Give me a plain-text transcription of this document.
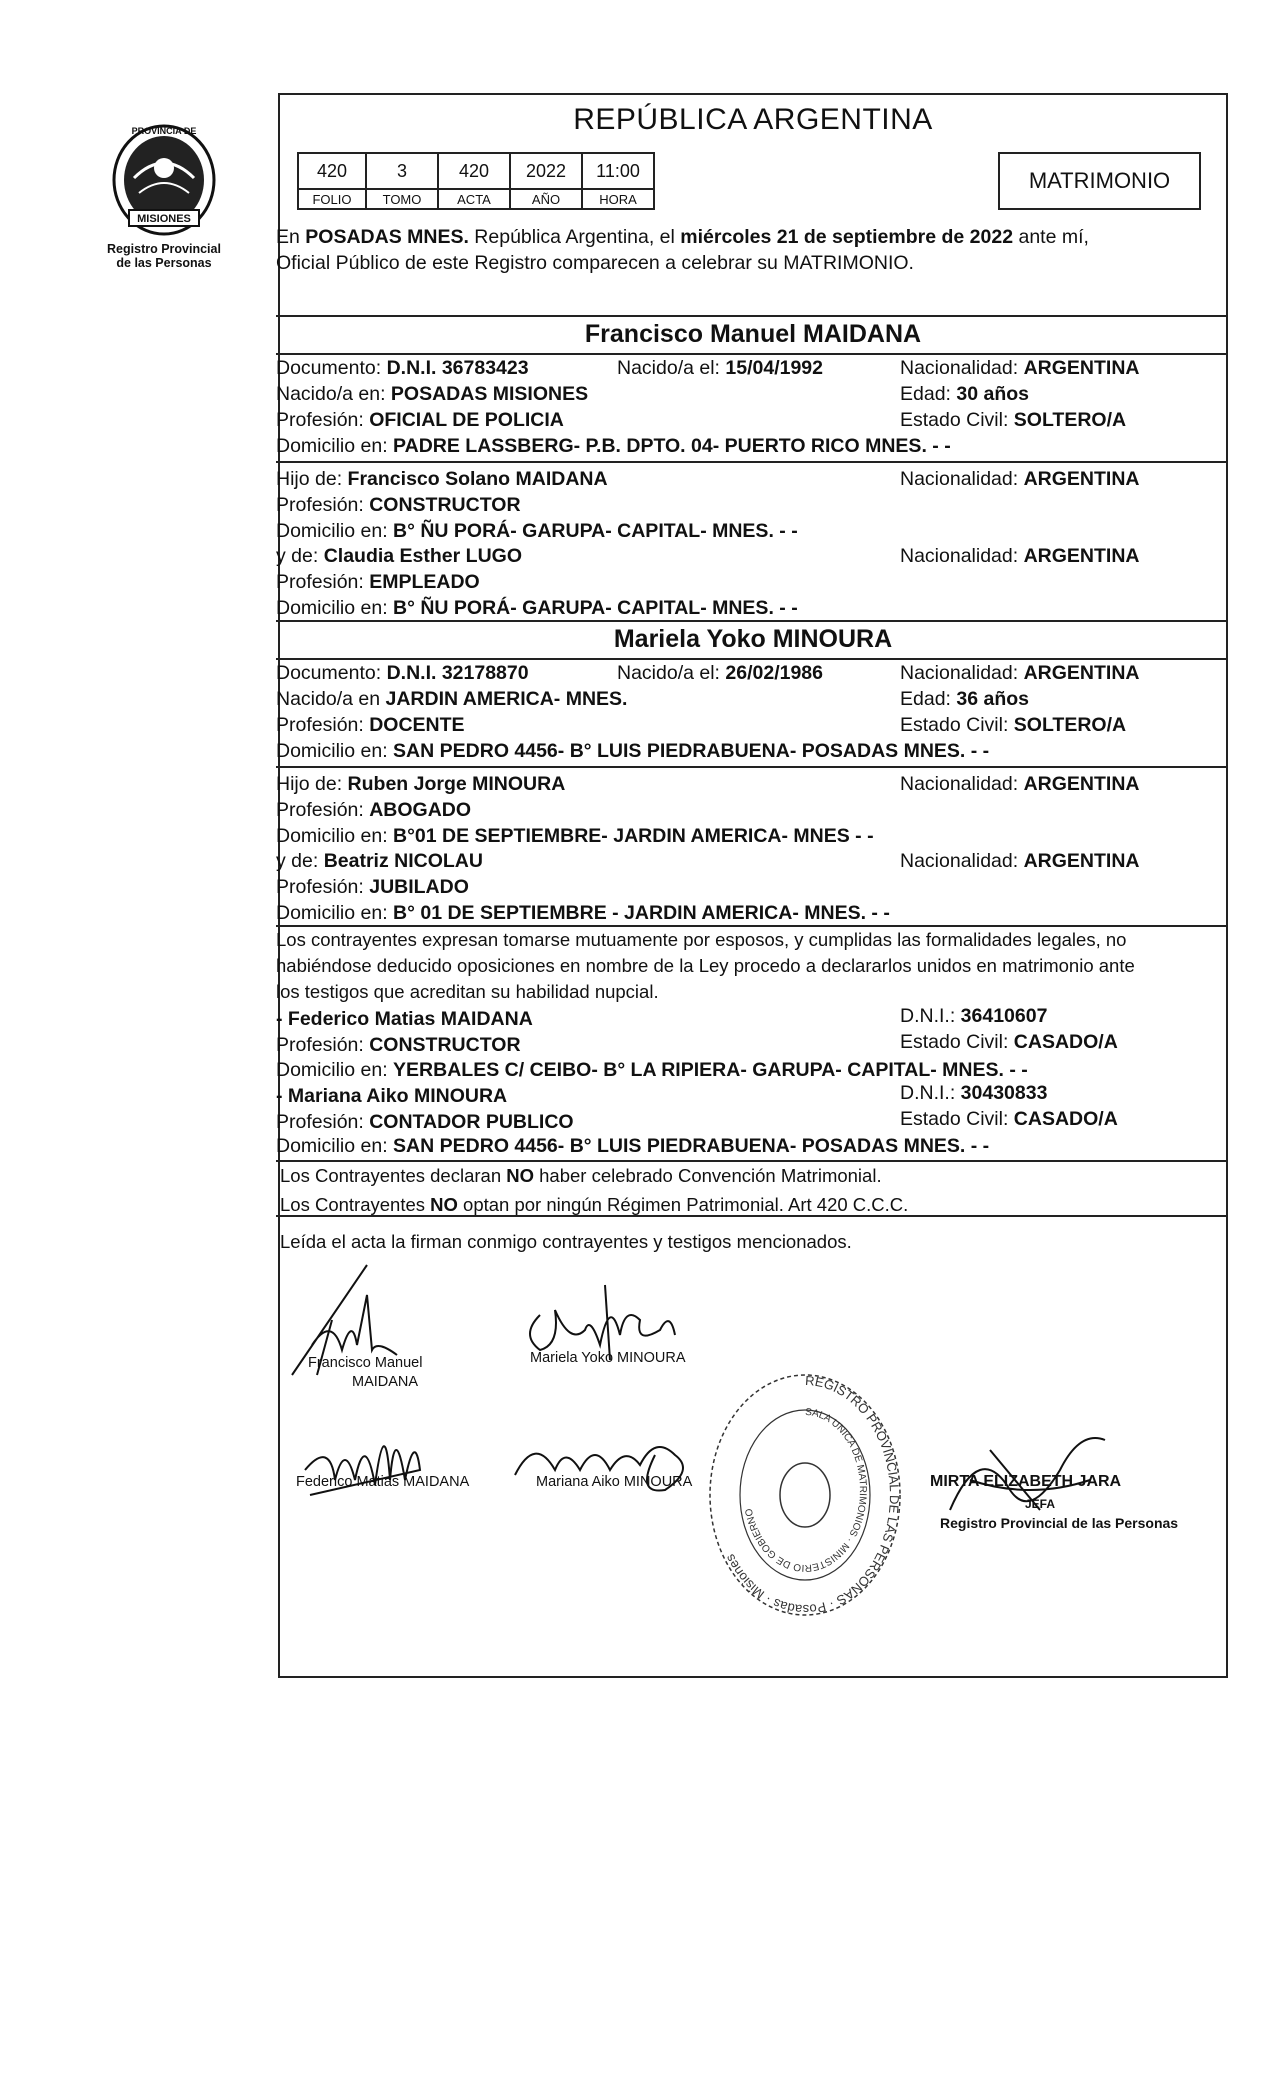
MISIONES
PROVINCIA DE
Registro Provincial
de las Personas
REPÚBLICA ARGENTINA
420	3	420	2022	11:00
FOLIO	TOMO	ACTA	AÑO	HORA
MATRIMONIO
En POSADAS MNES. República Argentina, el miércoles 21 de septiembre de 2022 ante mí,
Oficial Público de este Registro comparecen a celebrar su MATRIMONIO.
Francisco Manuel MAIDANA
Documento: D.N.I. 36783423	Nacido/a el: 15/04/1992	Nacionalidad: ARGENTINA
Nacido/a en: POSADAS MISIONES	Edad: 30 años
Profesión: OFICIAL DE POLICIA	Estado Civil: SOLTERO/A
Domicilio en: PADRE LASSBERG- P.B. DPTO. 04- PUERTO RICO MNES. - -
Hijo de: Francisco Solano MAIDANA	Nacionalidad: ARGENTINA
Profesión: CONSTRUCTOR
Domicilio en: B° ÑU PORÁ- GARUPA- CAPITAL- MNES. - -
y de: Claudia Esther LUGO	Nacionalidad: ARGENTINA
Profesión: EMPLEADO
Domicilio en: B° ÑU PORÁ- GARUPA- CAPITAL- MNES. - -
Mariela Yoko MINOURA
Documento: D.N.I. 32178870	Nacido/a el: 26/02/1986	Nacionalidad: ARGENTINA
Nacido/a en JARDIN AMERICA- MNES.	Edad: 36 años
Profesión: DOCENTE	Estado Civil: SOLTERO/A
Domicilio en: SAN PEDRO 4456- B° LUIS PIEDRABUENA- POSADAS MNES. - -
Hijo de: Ruben Jorge MINOURA	Nacionalidad: ARGENTINA
Profesión: ABOGADO
Domicilio en: B°01 DE SEPTIEMBRE- JARDIN AMERICA- MNES - -
y de: Beatriz NICOLAU	Nacionalidad: ARGENTINA
Profesión: JUBILADO
Domicilio en: B° 01 DE SEPTIEMBRE - JARDIN AMERICA- MNES. - -
Los contrayentes expresan tomarse mutuamente por esposos, y cumplidas las formalidades legales, no
habiéndose deducido oposiciones en nombre de la Ley procedo a declararlos unidos en matrimonio ante
los testigos que acreditan su habilidad nupcial.
- Federico Matias MAIDANA	D.N.I.: 36410607
Profesión: CONSTRUCTOR	Estado Civil: CASADO/A
Domicilio en: YERBALES C/ CEIBO- B° LA RIPIERA- GARUPA- CAPITAL- MNES. - -
- Mariana Aiko MINOURA	D.N.I.: 30430833
Profesión: CONTADOR PUBLICO	Estado Civil: CASADO/A
Domicilio en: SAN PEDRO 4456- B° LUIS PIEDRABUENA- POSADAS MNES. - -
Los Contrayentes declaran NO haber celebrado Convención Matrimonial.
Los Contrayentes NO optan por ningún Régimen Patrimonial. Art 420 C.C.C.
Leída el acta la firman conmigo contrayentes y testigos mencionados.
Francisco Manuel
MAIDANA
Mariela Yoko MINOURA
Federico Matias MAIDANA	Mariana Aiko MINOURA
REGISTRO PROVINCIAL DE LAS PERSONAS · Posadas · Misiones
SALA UNICA DE MATRIMONIOS · MINISTERIO DE GOBIERNO
MIRTA ELIZABETH JARA
JEFA
Registro Provincial de las Personas
